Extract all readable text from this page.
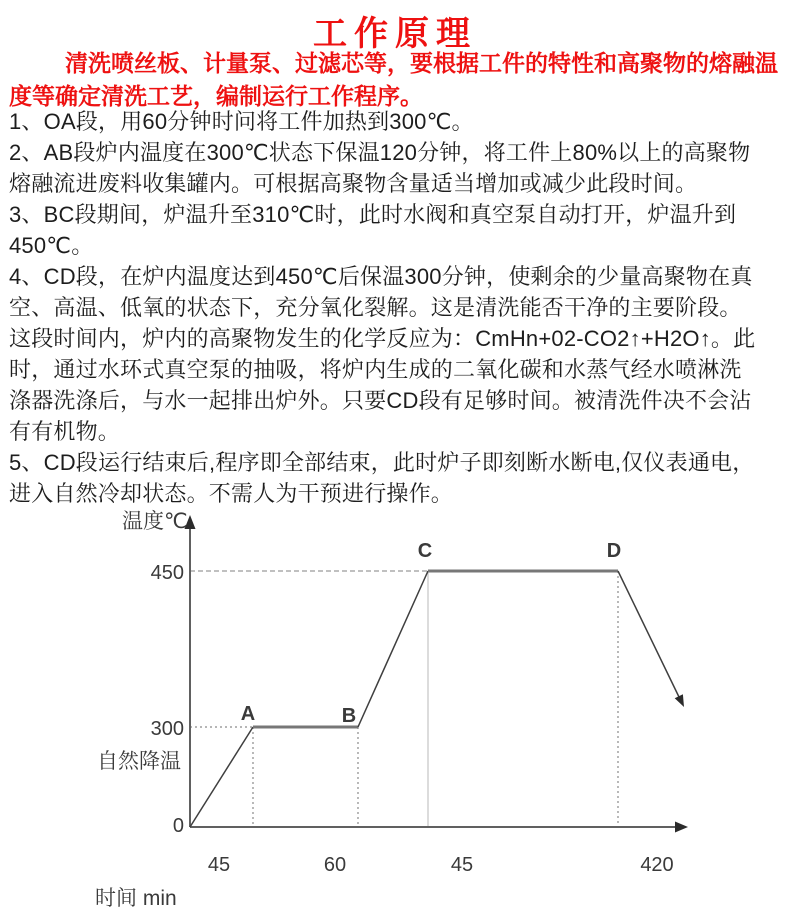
工作原理
清洗喷丝板、计量泵、过滤芯等，要根据工件的特性和高聚物的熔融温
度等确定清洗工艺，编制运行工作程序。
1、OA段，用60分钟时问将工件加热到300℃。
2、AB段炉内温度在300℃状态下保温120分钟，将工件上80%以上的高聚物
熔融流进废料收集罐内。可根据高聚物含量适当增加或减少此段时间。
3、BC段期间，炉温升至310℃时，此时水阀和真空泵自动打开，炉温升到
450℃。
4、CD段，在炉内温度达到450℃后保温300分钟，使剩余的少量高聚物在真
空、高温、低氧的状态下，充分氧化裂解。这是清洗能否干净的主要阶段。
这段时间内，炉内的高聚物发生的化学反应为：CmHn+02-CO2↑+H2O↑。此
时，通过水环式真空泵的抽吸，将炉内生成的二氧化碳和水蒸气经水喷淋洗
涤器洗涤后，与水一起排出炉外。只要CD段有足够时间。被清洗件决不会沾
有有机物。
5、CD段运行结束后,程序即全部结束，此时炉子即刻断水断电,仅仪表通电，
进入自然冷却状态。不需人为干预进行操作。
温度℃
时间 min
自然降温
450
300
0
45	60	45	420
A	B
C	D
